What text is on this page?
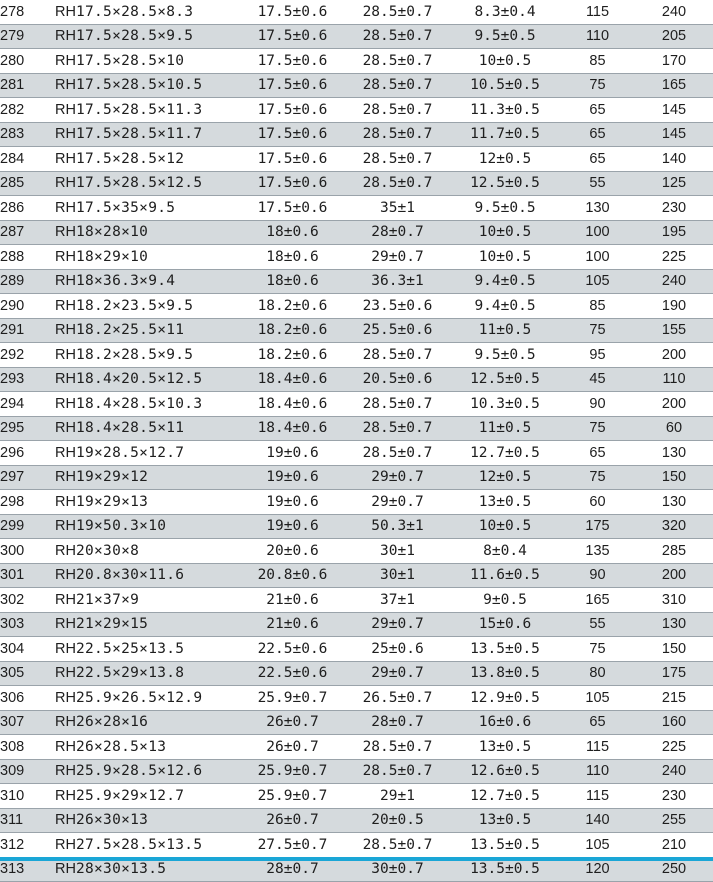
278	RH17.5×28.5×8.3	17.5±0.6	28.5±0.7	8.3±0.4	115	240
279	RH17.5×28.5×9.5	17.5±0.6	28.5±0.7	9.5±0.5	110	205
280	RH17.5×28.5×10	17.5±0.6	28.5±0.7	10±0.5	85	170
281	RH17.5×28.5×10.5	17.5±0.6	28.5±0.7	10.5±0.5	75	165
282	RH17.5×28.5×11.3	17.5±0.6	28.5±0.7	11.3±0.5	65	145
283	RH17.5×28.5×11.7	17.5±0.6	28.5±0.7	11.7±0.5	65	145
284	RH17.5×28.5×12	17.5±0.6	28.5±0.7	12±0.5	65	140
285	RH17.5×28.5×12.5	17.5±0.6	28.5±0.7	12.5±0.5	55	125
286	RH17.5×35×9.5	17.5±0.6	35±1	9.5±0.5	130	230
287	RH18×28×10	18±0.6	28±0.7	10±0.5	100	195
288	RH18×29×10	18±0.6	29±0.7	10±0.5	100	225
289	RH18×36.3×9.4	18±0.6	36.3±1	9.4±0.5	105	240
290	RH18.2×23.5×9.5	18.2±0.6	23.5±0.6	9.4±0.5	85	190
291	RH18.2×25.5×11	18.2±0.6	25.5±0.6	11±0.5	75	155
292	RH18.2×28.5×9.5	18.2±0.6	28.5±0.7	9.5±0.5	95	200
293	RH18.4×20.5×12.5	18.4±0.6	20.5±0.6	12.5±0.5	45	110
294	RH18.4×28.5×10.3	18.4±0.6	28.5±0.7	10.3±0.5	90	200
295	RH18.4×28.5×11	18.4±0.6	28.5±0.7	11±0.5	75	60
296	RH19×28.5×12.7	19±0.6	28.5±0.7	12.7±0.5	65	130
297	RH19×29×12	19±0.6	29±0.7	12±0.5	75	150
298	RH19×29×13	19±0.6	29±0.7	13±0.5	60	130
299	RH19×50.3×10	19±0.6	50.3±1	10±0.5	175	320
300	RH20×30×8	20±0.6	30±1	8±0.4	135	285
301	RH20.8×30×11.6	20.8±0.6	30±1	11.6±0.5	90	200
302	RH21×37×9	21±0.6	37±1	9±0.5	165	310
303	RH21×29×15	21±0.6	29±0.7	15±0.6	55	130
304	RH22.5×25×13.5	22.5±0.6	25±0.6	13.5±0.5	75	150
305	RH22.5×29×13.8	22.5±0.6	29±0.7	13.8±0.5	80	175
306	RH25.9×26.5×12.9	25.9±0.7	26.5±0.7	12.9±0.5	105	215
307	RH26×28×16	26±0.7	28±0.7	16±0.6	65	160
308	RH26×28.5×13	26±0.7	28.5±0.7	13±0.5	115	225
309	RH25.9×28.5×12.6	25.9±0.7	28.5±0.7	12.6±0.5	110	240
310	RH25.9×29×12.7	25.9±0.7	29±1	12.7±0.5	115	230
311	RH26×30×13	26±0.7	20±0.5	13±0.5	140	255
312	RH27.5×28.5×13.5	27.5±0.7	28.5±0.7	13.5±0.5	105	210
313	RH28×30×13.5	28±0.7	30±0.7	13.5±0.5	120	250
